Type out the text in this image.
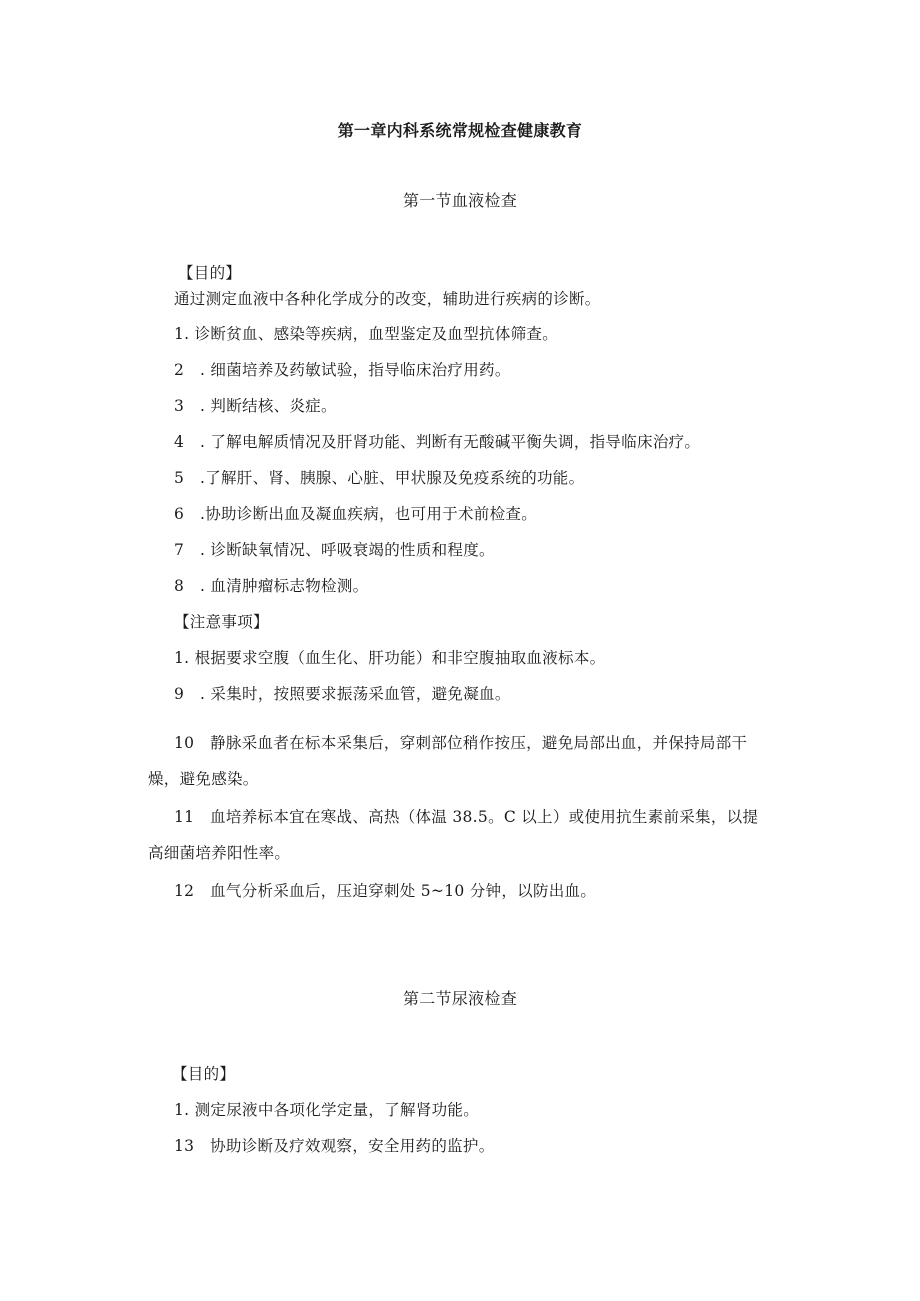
第一章内科系统常规检查健康教育
第一节血液检查
【目的】
通过测定血液中各种化学成分的改变，辅助进行疾病的诊断。
1. 诊断贫血、感染等疾病，血型鉴定及血型抗体筛查。
2　. 细菌培养及药敏试验，指导临床治疗用药。
3　. 判断结核、炎症。
4　. 了解电解质情况及肝肾功能、判断有无酸碱平衡失调，指导临床治疗。
5　.了解肝、肾、胰腺、心脏、甲状腺及免疫系统的功能。
6　.协助诊断出血及凝血疾病，也可用于术前检查。
7　. 诊断缺氧情况、呼吸衰竭的性质和程度。
8　. 血清肿瘤标志物检测。
【注意事项】
1. 根据要求空腹（血生化、肝功能）和非空腹抽取血液标本。
9　. 采集时，按照要求振荡采血管，避免凝血。
10　静脉采血者在标本采集后，穿刺部位稍作按压，避免局部出血，并保持局部干燥，避免感染。
11　血培养标本宜在寒战、高热（体温 38.5。C 以上）或使用抗生素前采集，以提高细菌培养阳性率。
12　血气分析采血后，压迫穿刺处 5~10 分钟，以防出血。
第二节尿液检查
【目的】
1. 测定尿液中各项化学定量，了解肾功能。
13　协助诊断及疗效观察，安全用药的监护。
